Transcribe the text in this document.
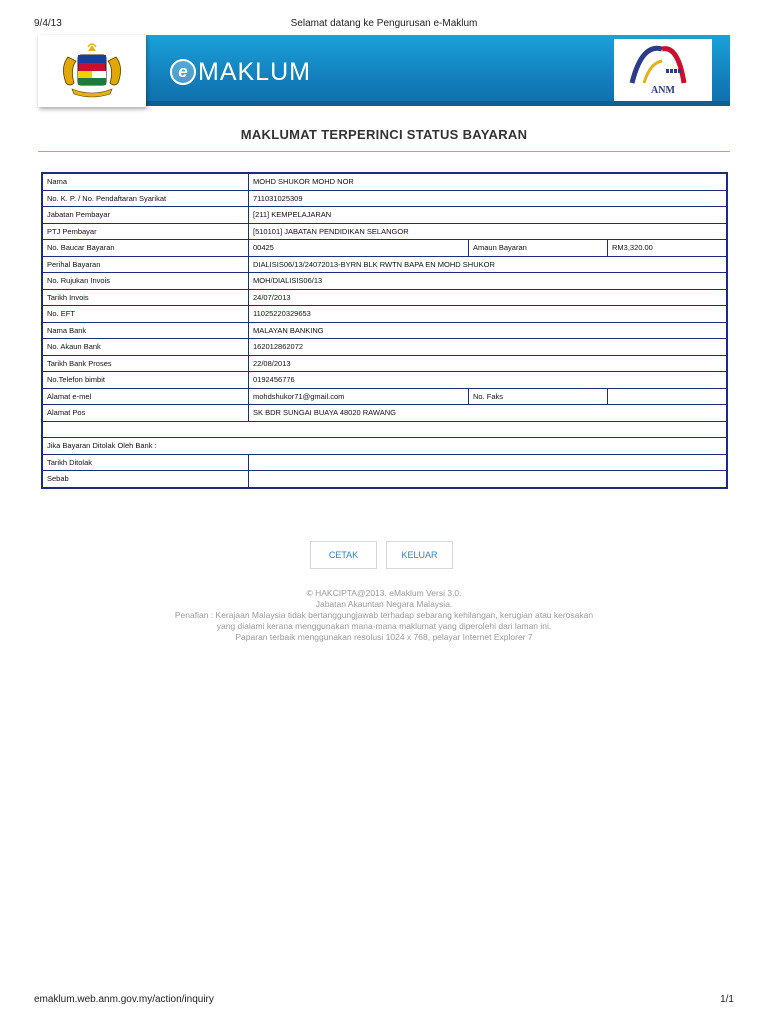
9/4/13	Selamat datang ke Pengurusan e-Maklum
e MAKLUM
ANM
MAKLUMAT TERPERINCI STATUS BAYARAN
Nama	MOHD SHUKOR MOHD NOR		
No. K. P. / No. Pendaftaran Syarikat	711031025309		
Jabatan Pembayar	[211] KEMPELAJARAN		
PTJ Pembayar	[510101] JABATAN PENDIDIKAN SELANGOR		
No. Baucar Bayaran	00425	Amaun Bayaran	RM3,320.00
Perihal Bayaran	DIALISIS06/13/24072013-BYRN BLK RWTN BAPA EN MOHD SHUKOR		
No. Rujukan Invois	MOH/DIALISIS06/13		
Tarikh Invois	24/07/2013		
No. EFT	11025220329653		
Nama Bank	MALAYAN BANKING		
No. Akaun Bank	162012862072		
Tarikh Bank Proses	22/08/2013		
No.Telefon bimbit	0192456776		
Alamat e-mel	mohdshukor71@gmail.com	No. Faks	
Alamat Pos	SK BDR SUNGAI BUAYA 48020 RAWANG		

Jika Bayaran Ditolak Oleh Bank :			
Tarikh Ditolak			
Sebab			
CETAK	KELUAR
© HAKCIPTA@2013. eMaklum Versi 3.0.
Jabatan Akauntan Negara Malaysia.
Penafian : Kerajaan Malaysia tidak bertanggungjawab terhadap sebarang kehilangan, kerugian atau kerosakan
yang dialami kerana menggunakan mana-mana maklumat yang diperolehi dari laman ini.
Paparan terbaik menggunakan resolusi 1024 x 768, pelayar Internet Explorer 7
emaklum.web.anm.gov.my/action/inquiry	1/1
